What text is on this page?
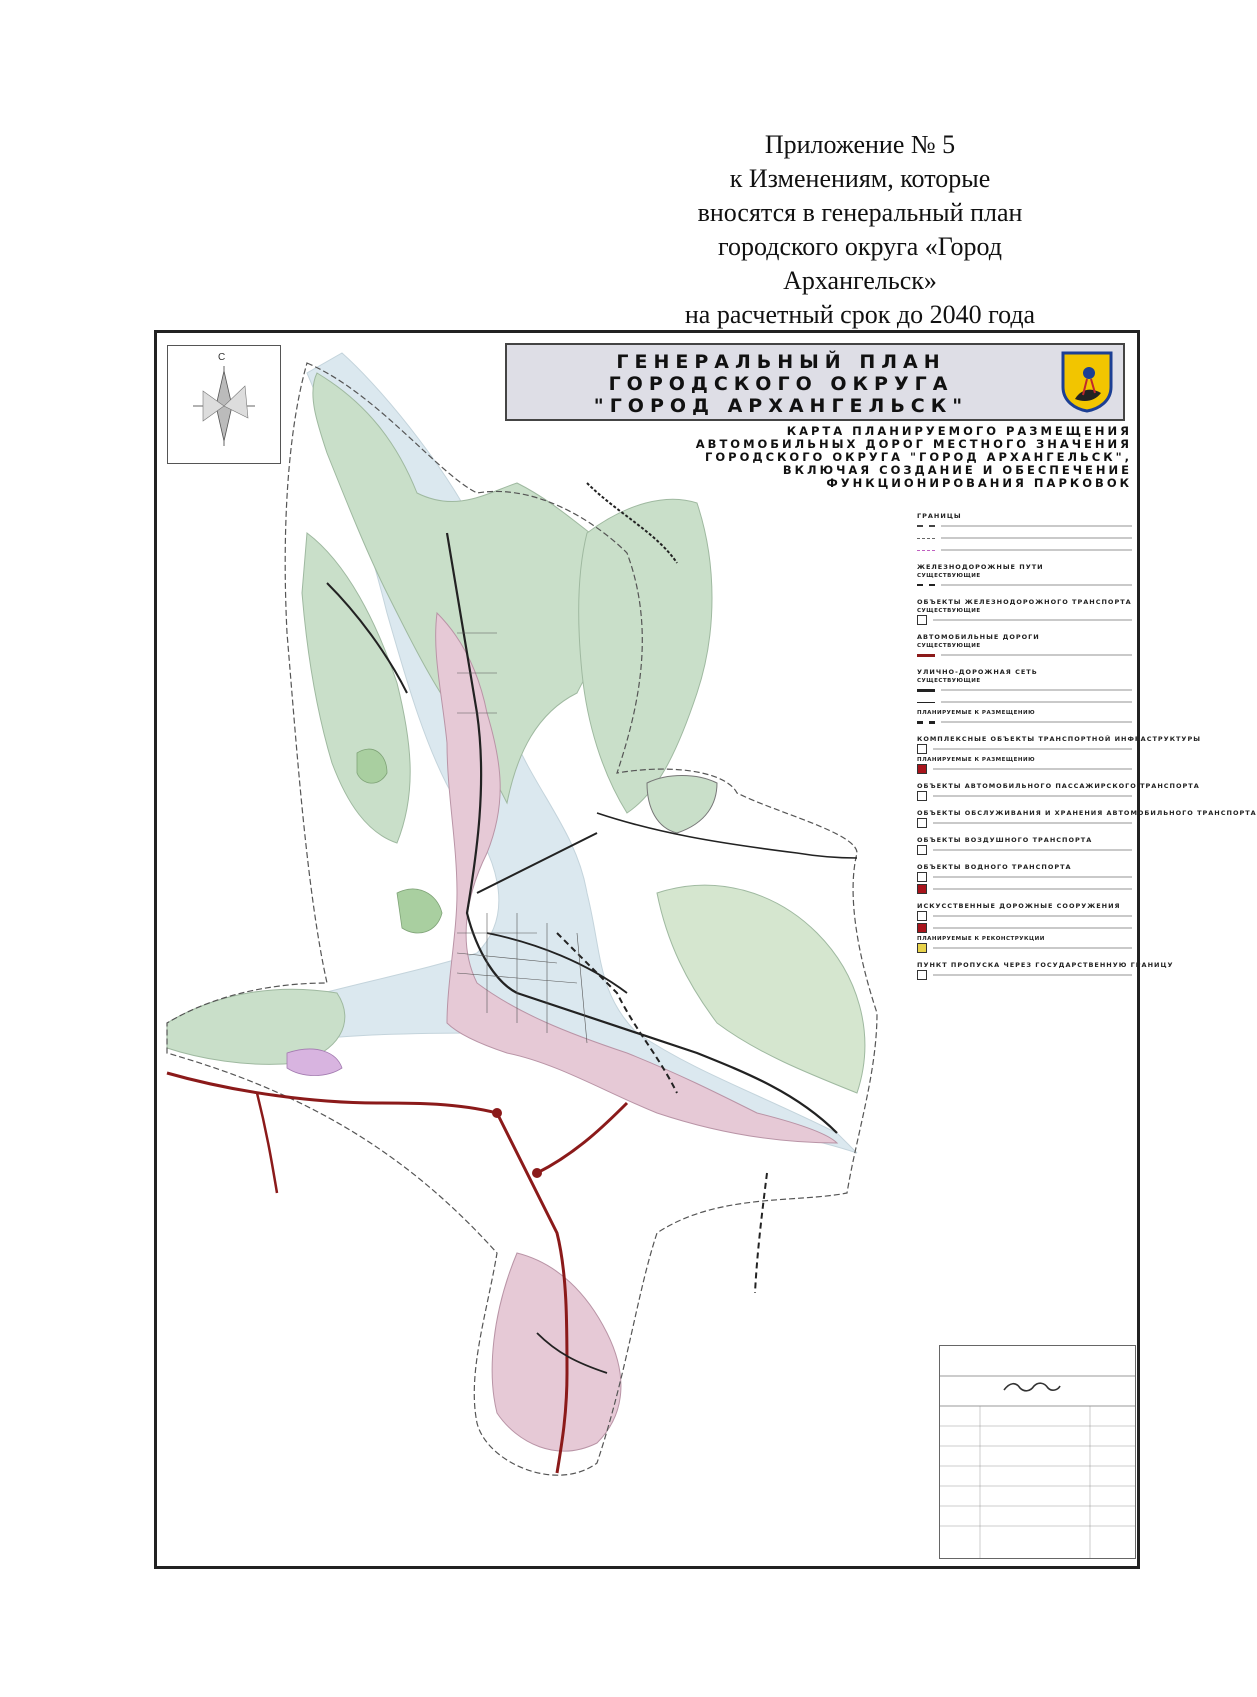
Приложение № 5
к Изменениям, которые
вносятся в генеральный план
городского округа «Город
Архангельск»
на расчетный срок до 2040 года
С	ГЕНЕРАЛЬНЫЙ ПЛАН
ГОРОДСКОГО ОКРУГА
"ГОРОД АРХАНГЕЛЬСК"
КАРТА ПЛАНИРУЕМОГО РАЗМЕЩЕНИЯ
АВТОМОБИЛЬНЫХ ДОРОГ МЕСТНОГО ЗНАЧЕНИЯ
ГОРОДСКОГО ОКРУГА "ГОРОД АРХАНГЕЛЬСК",
ВКЛЮЧАЯ СОЗДАНИЕ И ОБЕСПЕЧЕНИЕ
ФУНКЦИОНИРОВАНИЯ ПАРКОВОК
ГРАНИЦЫ
ЖЕЛЕЗНОДОРОЖНЫЕ ПУТИ
СУЩЕСТВУЮЩИЕ
ОБЪЕКТЫ ЖЕЛЕЗНОДОРОЖНОГО ТРАНСПОРТА
СУЩЕСТВУЮЩИЕ
АВТОМОБИЛЬНЫЕ ДОРОГИ
СУЩЕСТВУЮЩИЕ
УЛИЧНО-ДОРОЖНАЯ СЕТЬ
СУЩЕСТВУЮЩИЕ
ПЛАНИРУЕМЫЕ К РАЗМЕЩЕНИЮ
КОМПЛЕКСНЫЕ ОБЪЕКТЫ ТРАНСПОРТНОЙ ИНФРАСТРУКТУРЫ
ПЛАНИРУЕМЫЕ К РАЗМЕЩЕНИЮ
ОБЪЕКТЫ АВТОМОБИЛЬНОГО ПАССАЖИРСКОГО ТРАНСПОРТА
ОБЪЕКТЫ ОБСЛУЖИВАНИЯ И ХРАНЕНИЯ АВТОМОБИЛЬНОГО ТРАНСПОРТА
ОБЪЕКТЫ ВОЗДУШНОГО ТРАНСПОРТА
ОБЪЕКТЫ ВОДНОГО ТРАНСПОРТА
ИСКУССТВЕННЫЕ ДОРОЖНЫЕ СООРУЖЕНИЯ
ПЛАНИРУЕМЫЕ К РЕКОНСТРУКЦИИ
ПУНКТ ПРОПУСКА ЧЕРЕЗ ГОСУДАРСТВЕННУЮ ГРАНИЦУ
